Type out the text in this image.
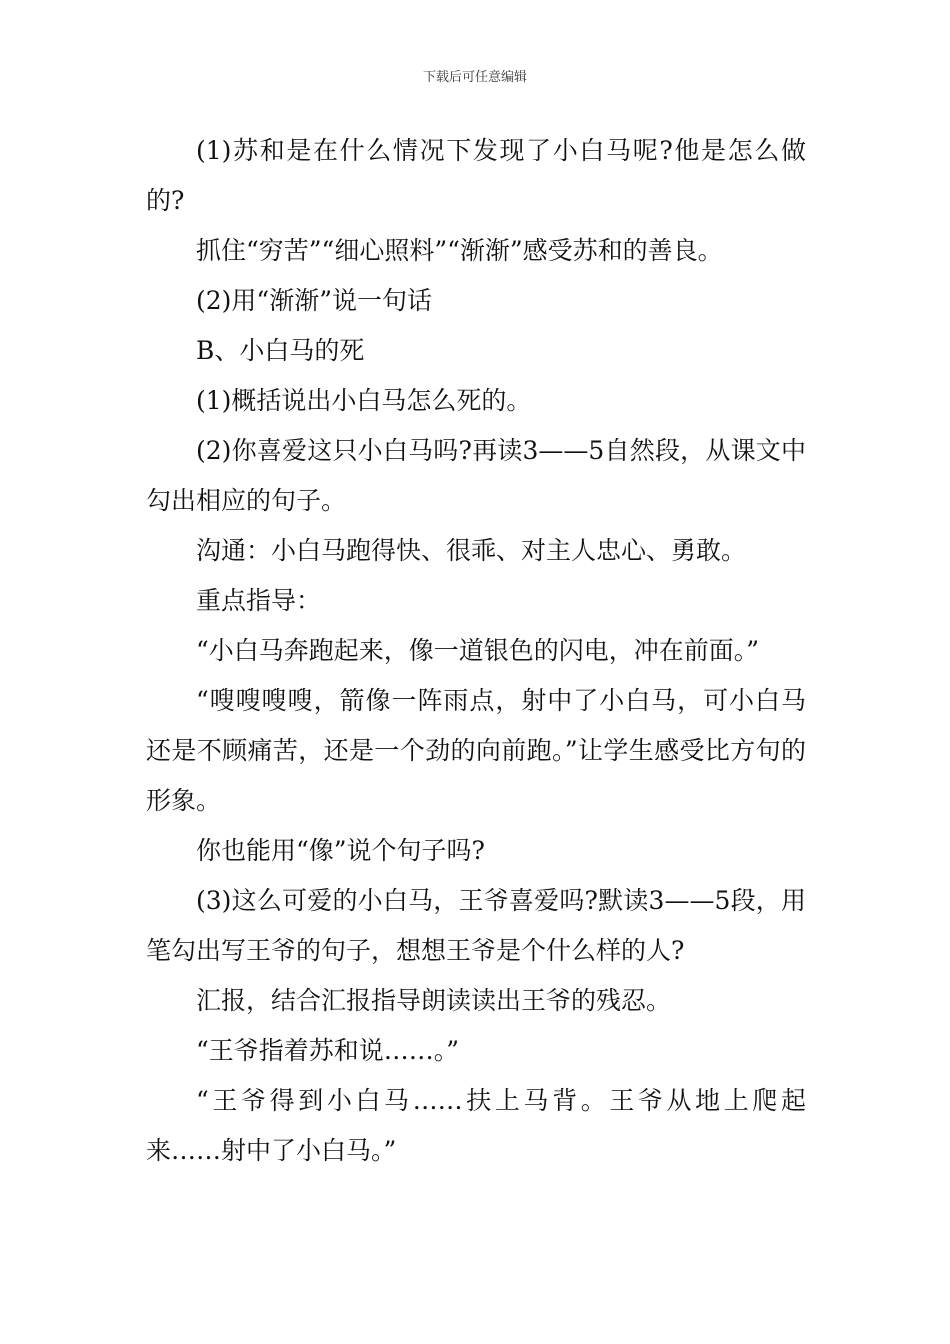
下载后可任意编辑

(1)苏和是在什么情况下发现了小白马呢?他是怎么做的?

抓住“穷苦”“细心照料”“渐渐”感受苏和的善良。

(2)用“渐渐”说一句话

B、小白马的死

(1)概括说出小白马怎么死的。

(2)你喜爱这只小白马吗?再读3——5自然段，从课文中勾出相应的句子。

沟通：小白马跑得快、很乖、对主人忠心、勇敢。

重点指导：

“小白马奔跑起来，像一道银色的闪电，冲在前面。”

“嗖嗖嗖嗖，箭像一阵雨点，射中了小白马，可小白马还是不顾痛苦，还是一个劲的向前跑。”让学生感受比方句的形象。

你也能用“像”说个句子吗?

(3)这么可爱的小白马，王爷喜爱吗?默读3——5段，用笔勾出写王爷的句子，想想王爷是个什么样的人?

汇报，结合汇报指导朗读读出王爷的残忍。

“王爷指着苏和说……。”

“王爷得到小白马……扶上马背。王爷从地上爬起来……射中了小白马。”
